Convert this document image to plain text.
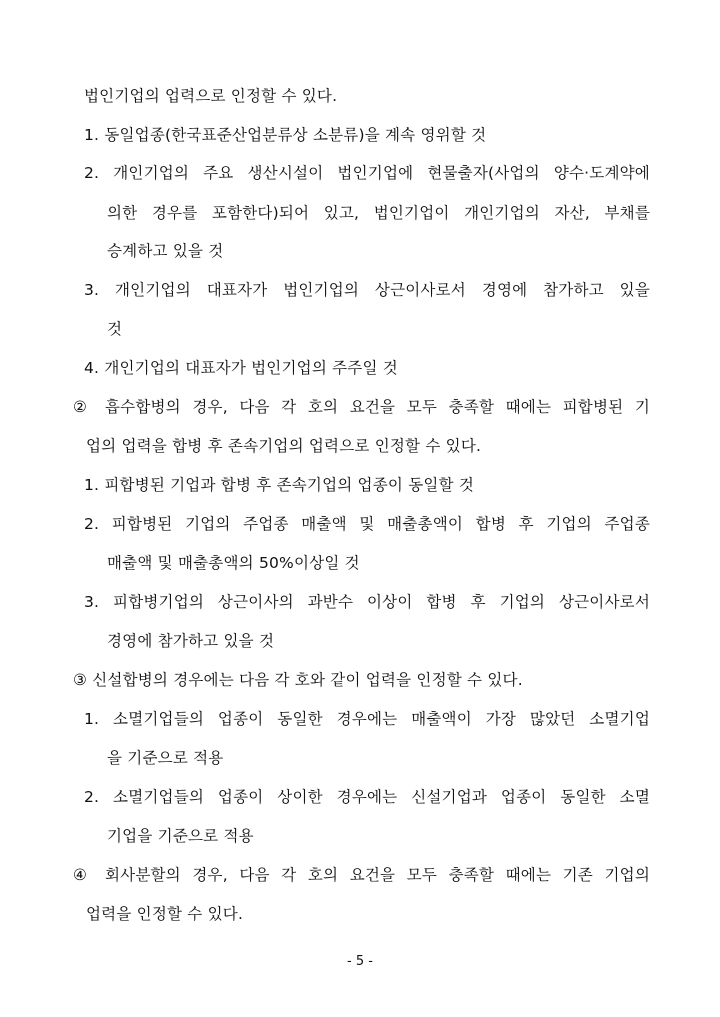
법인기업의 업력으로 인정할 수 있다.
1. 동일업종(한국표준산업분류상 소분류)을 계속 영위할 것
2. 개인기업의 주요 생산시설이 법인기업에 현물출자(사업의 양수·도계약에
의한 경우를 포함한다)되어 있고, 법인기업이 개인기업의 자산, 부채를
승계하고 있을 것
3. 개인기업의 대표자가 법인기업의 상근이사로서 경영에 참가하고 있을
것
4. 개인기업의 대표자가 법인기업의 주주일 것
② 흡수합병의 경우, 다음 각 호의 요건을 모두 충족할 때에는 피합병된 기
업의 업력을 합병 후 존속기업의 업력으로 인정할 수 있다.
1. 피합병된 기업과 합병 후 존속기업의 업종이 동일할 것
2. 피합병된 기업의 주업종 매출액 및 매출총액이 합병 후 기업의 주업종
매출액 및 매출총액의 50%이상일 것
3. 피합병기업의 상근이사의 과반수 이상이 합병 후 기업의 상근이사로서
경영에 참가하고 있을 것
③ 신설합병의 경우에는 다음 각 호와 같이 업력을 인정할 수 있다.
1. 소멸기업들의 업종이 동일한 경우에는 매출액이 가장 많았던 소멸기업
을 기준으로 적용
2. 소멸기업들의 업종이 상이한 경우에는 신설기업과 업종이 동일한 소멸
기업을 기준으로 적용
④ 회사분할의 경우, 다음 각 호의 요건을 모두 충족할 때에는 기존 기업의
업력을 인정할 수 있다.
- 5 -
